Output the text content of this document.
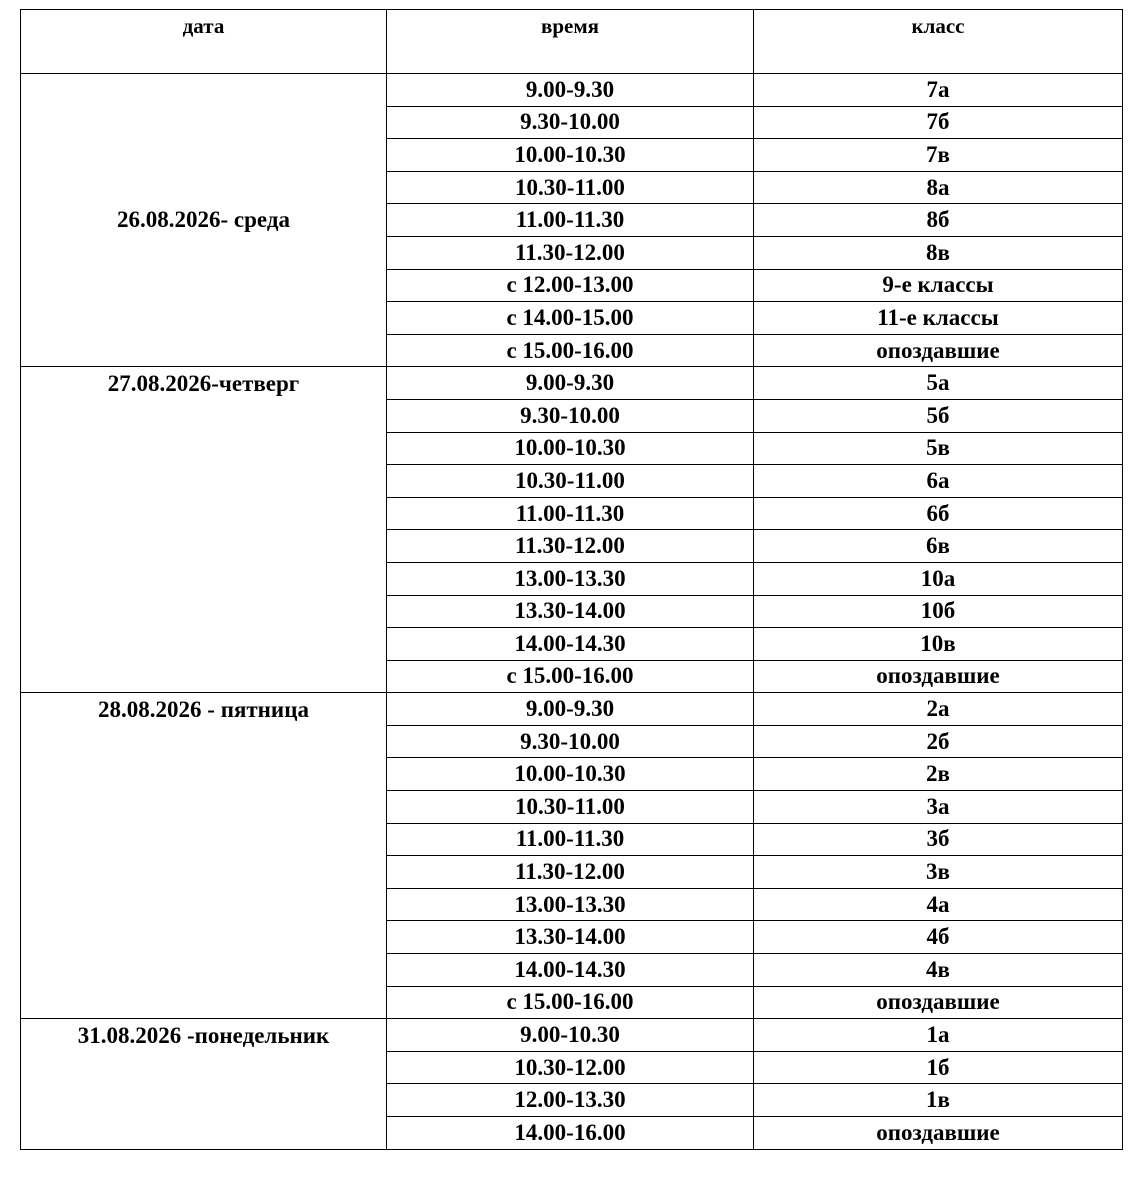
дата	время	класс
26.08.2026- среда	9.00-9.30	7а
	9.30-10.00	7б
	10.00-10.30	7в
	10.30-11.00	8а
	11.00-11.30	8б
	11.30-12.00	8в
	с 12.00-13.00	9-е классы
	с 14.00-15.00	11-е классы
	с 15.00-16.00	опоздавшие
27.08.2026-четверг	9.00-9.30	5а
	9.30-10.00	5б
	10.00-10.30	5в
	10.30-11.00	6а
	11.00-11.30	6б
	11.30-12.00	6в
	13.00-13.30	10а
	13.30-14.00	10б
	14.00-14.30	10в
	с 15.00-16.00	опоздавшие
28.08.2026 - пятница	9.00-9.30	2а
	9.30-10.00	2б
	10.00-10.30	2в
	10.30-11.00	3а
	11.00-11.30	3б
	11.30-12.00	3в
	13.00-13.30	4а
	13.30-14.00	4б
	14.00-14.30	4в
	с 15.00-16.00	опоздавшие
31.08.2026 -понедельник	9.00-10.30	1а
	10.30-12.00	1б
	12.00-13.30	1в
	14.00-16.00	опоздавшие
